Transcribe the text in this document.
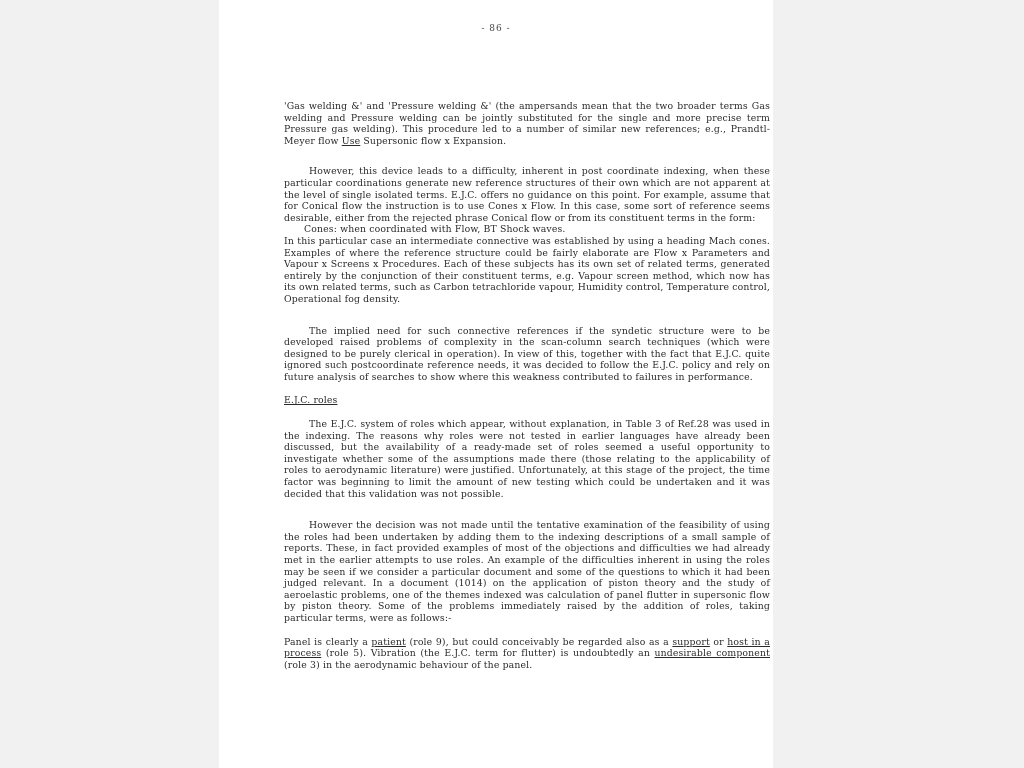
- 86 -

'Gas welding &' and 'Pressure welding &' (the ampersands mean that the two broader terms Gas welding and Pressure welding can be jointly substituted for the single and more precise term Pressure gas welding). This procedure led to a number of similar new references; e.g., Prandtl-Meyer flow Use Supersonic flow x Expansion.

However, this device leads to a difficulty, inherent in post coordinate indexing, when these particular coordinations generate new reference structures of their own which are not apparent at the level of single isolated terms. E.J.C. offers no guidance on this point. For example, assume that for Conical flow the instruction is to use Cones x Flow. In this case, some sort of reference seems desirable, either from the rejected phrase Conical flow or from its constituent terms in the form:
Cones: when coordinated with Flow, BT Shock waves.
In this particular case an intermediate connective was established by using a heading Mach cones. Examples of where the reference structure could be fairly elaborate are Flow x Parameters and Vapour x Screens x Procedures. Each of these subjects has its own set of related terms, generated entirely by the conjunction of their constituent terms, e.g. Vapour screen method, which now has its own related terms, such as Carbon tetrachloride vapour, Humidity control, Temperature control, Operational fog density.

The implied need for such connective references if the syndetic structure were to be developed raised problems of complexity in the scan-column search techniques (which were designed to be purely clerical in operation). In view of this, together with the fact that E.J.C. quite ignored such postcoordinate reference needs, it was decided to follow the E.J.C. policy and rely on future analysis of searches to show where this weakness contributed to failures in performance.

E.J.C. roles

The E.J.C. system of roles which appear, without explanation, in Table 3 of Ref.28 was used in the indexing. The reasons why roles were not tested in earlier languages have already been discussed, but the availability of a ready-made set of roles seemed a useful opportunity to investigate whether some of the assumptions made there (those relating to the applicability of roles to aerodynamic literature) were justified. Unfortunately, at this stage of the project, the time factor was beginning to limit the amount of new testing which could be undertaken and it was decided that this validation was not possible.

However the decision was not made until the tentative examination of the feasibility of using the roles had been undertaken by adding them to the indexing descriptions of a small sample of reports. These, in fact provided examples of most of the objections and difficulties we had already met in the earlier attempts to use roles. An example of the difficulties inherent in using the roles may be seen if we consider a particular document and some of the questions to which it had been judged relevant. In a document (1014) on the application of piston theory and the study of aeroelastic problems, one of the themes indexed was calculation of panel flutter in supersonic flow by piston theory. Some of the problems immediately raised by the addition of roles, taking particular terms, were as follows:-

Panel is clearly a patient (role 9), but could conceivably be regarded also as a support or host in a process (role 5). Vibration (the E.J.C. term for flutter) is undoubtedly an undesirable component (role 3) in the aerodynamic behaviour of the panel.
